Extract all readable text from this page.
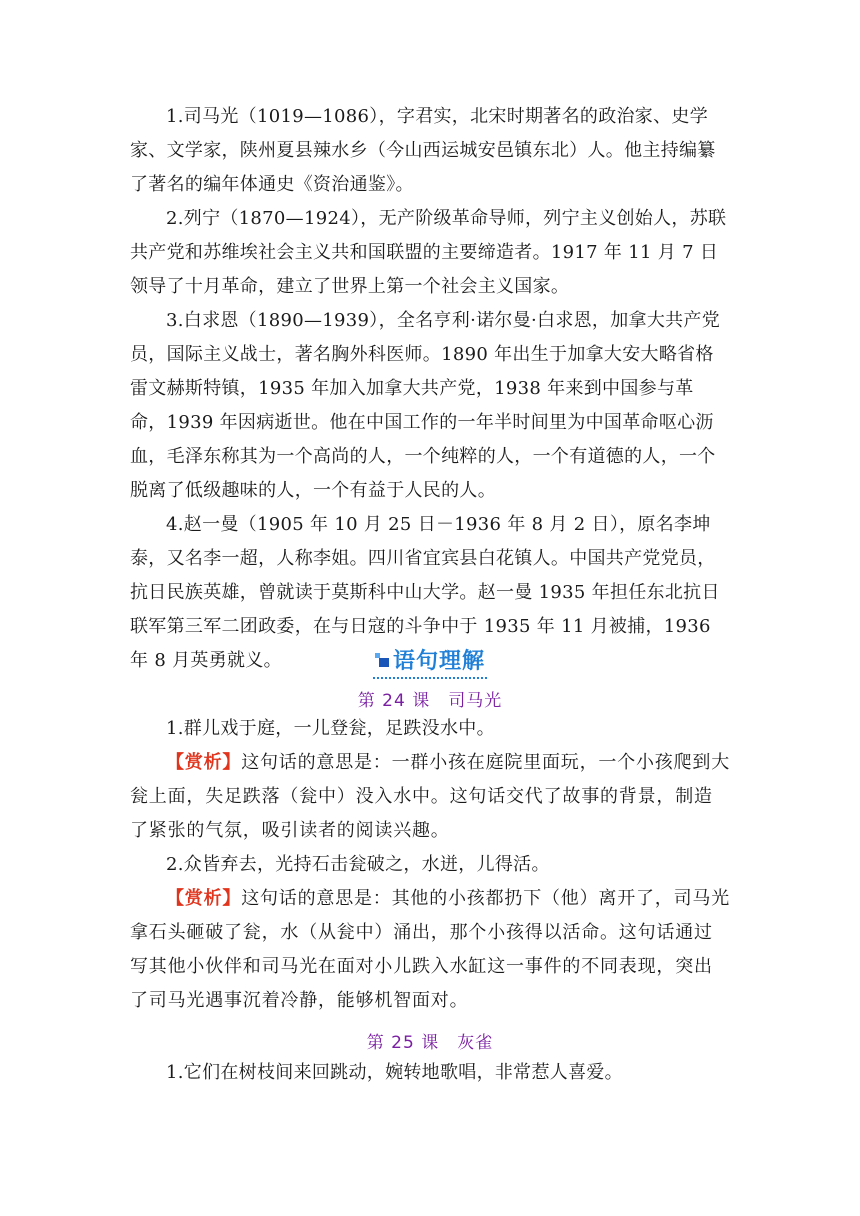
1.司马光（1019—1086），字君实，北宋时期著名的政治家、史学家、文学家，陕州夏县辣水乡（今山西运城安邑镇东北）人。他主持编纂了著名的编年体通史《资治通鉴》。

2.列宁（1870—1924），无产阶级革命导师，列宁主义创始人，苏联共产党和苏维埃社会主义共和国联盟的主要缔造者。1917 年 11 月 7 日领导了十月革命，建立了世界上第一个社会主义国家。

3.白求恩（1890—1939），全名亨利·诺尔曼·白求恩，加拿大共产党员，国际主义战士，著名胸外科医师。1890 年出生于加拿大安大略省格雷文赫斯特镇，1935 年加入加拿大共产党，1938 年来到中国参与革命，1939 年因病逝世。他在中国工作的一年半时间里为中国革命呕心沥血，毛泽东称其为一个高尚的人，一个纯粹的人，一个有道德的人，一个脱离了低级趣味的人，一个有益于人民的人。

4.赵一曼（1905 年 10 月 25 日－1936 年 8 月 2 日），原名李坤泰，又名李一超，人称李姐。四川省宜宾县白花镇人。中国共产党党员，抗日民族英雄，曾就读于莫斯科中山大学。赵一曼 1935 年担任东北抗日联军第三军二团政委，在与日寇的斗争中于 1935 年 11 月被捕，1936 年 8 月英勇就义。	语句理解
第 24 课 司马光

1.群儿戏于庭，一儿登瓮，足跌没水中。

【赏析】这句话的意思是：一群小孩在庭院里面玩，一个小孩爬到大瓮上面，失足跌落（瓮中）没入水中。这句话交代了故事的背景，制造了紧张的气氛，吸引读者的阅读兴趣。

2.众皆弃去，光持石击瓮破之，水迸，儿得活。

【赏析】这句话的意思是：其他的小孩都扔下（他）离开了，司马光拿石头砸破了瓮，水（从瓮中）涌出，那个小孩得以活命。这句话通过写其他小伙伴和司马光在面对小儿跌入水缸这一事件的不同表现，突出了司马光遇事沉着冷静，能够机智面对。

第 25 课 灰雀

1.它们在树枝间来回跳动，婉转地歌唱，非常惹人喜爱。
